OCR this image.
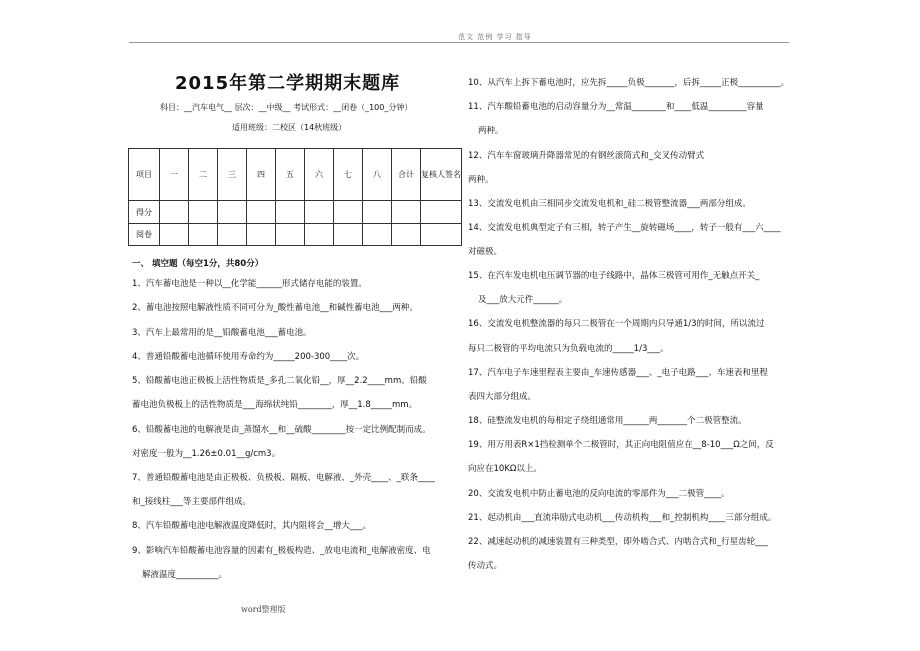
范文 范例 学习 指导
2015年第二学期期末题库
科目：__汽车电气__ 层次：__中级__ 考试形式：__闭卷（_100_分钟）
适用班级：二校区（14秋班级）
项目	一	二	三	四	五	六	七	八	合计	复核人签名
得分										
阅卷										
一、 填空题（每空1分，共80分）
1、汽车蓄电池是一种以__化学能______形式储存电能的装置。
2、蓄电池按照电解液性质不同可分为_酸性蓄电池__和碱性蓄电池___两种。
3、汽车上最常用的是__铅酸蓄电池___蓄电池。
4、普通铅酸蓄电池循环使用寿命约为_____200-300____次。
5、铅酸蓄电池正极板上活性物质是_多孔二氧化铅__，厚__2.2____mm。铅酸
蓄电池负极板上的活性物质是___海绵状纯铅________，厚__1.8_____mm。
6、铅酸蓄电池的电解液是由_蒸馏水__和__硫酸________按一定比例配制而成。
对密度一般为__1.26±0.01__g/cm3。
7、普通铅酸蓄电池是由正极板、负极板、隔板、电解液、_外壳____、_联条____
和_接线柱___等主要部件组成。
8、汽车铅酸蓄电池电解液温度降低时，其内阻将会__增大___。
9、影响汽车铅酸蓄电池容量的因素有_极板构造、_放电电流和_电解液密度、电
解液温度__________。
10、从汽车上拆下蓄电池时，应先拆_____负极_______，后拆_____正极__________。
11、汽车酸铅蓄电池的启动容量分为__常温________和____低温_________容量
两种。
12、汽车车窗玻璃升降器常见的有钢丝滚筒式和_交叉传动臂式
两种。
13、交流发电机由三相同步交流发电机和_硅二极管整流器___两部分组成。
14、交流发电机典型定子有三相，转子产生__旋转磁场____，转子一般有___六____
对磁极。
15、在汽车发电机电压调节器的电子线路中，晶体三极管可用作_无触点开关_
及___放大元件______。
16、交流发电机整流器的每只二极管在一个周期内只导通1/3的时间，所以流过
每只二极管的平均电流只为负载电流的_____1/3___。
17、汽车电子车速里程表主要由_车速传感器___、_电子电路___、车速表和里程
表四大部分组成。
18、硅整流发电机的每相定子绕组通常用______两_______个二极管整流。
19、用万用表R×1挡检测单个二极管时，其正向电阻值应在__8-10___Ω之间，反
向应在10KΩ以上。
20、交流发电机中防止蓄电池的反向电流的零部件为___二极管____。
21、起动机由___直流串励式电动机___传动机构___和_控制机构____三部分组成。
22、减速起动机的减速装置有三种类型，即外啮合式、内啮合式和_行星齿轮___
传动式。
word整理版
